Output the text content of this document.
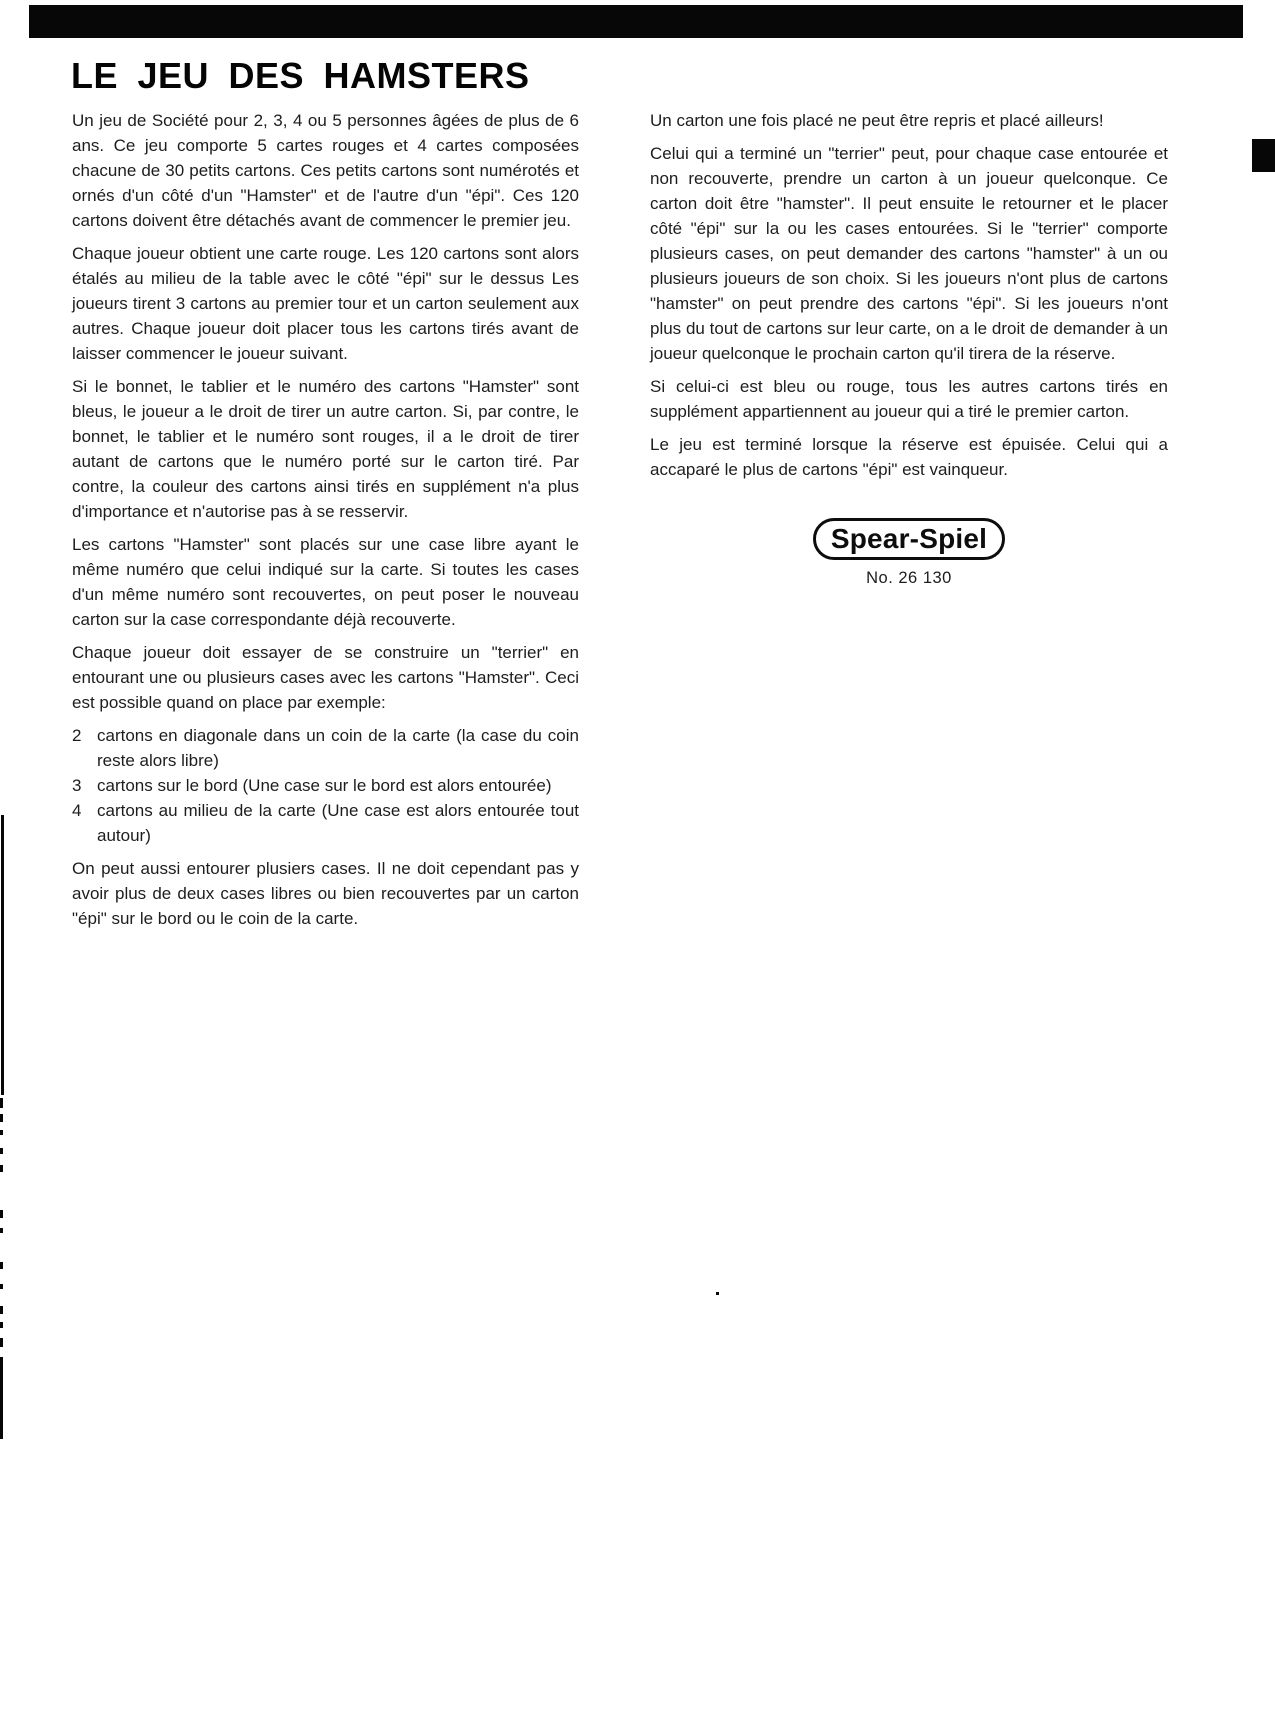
LE JEU DES HAMSTERS

Un jeu de Société pour 2, 3, 4 ou 5 personnes âgées de plus de 6 ans. Ce jeu comporte 5 cartes rouges et 4 cartes composées chacune de 30 petits cartons. Ces petits cartons sont numérotés et ornés d'un côté d'un "Hamster" et de l'autre d'un "épi". Ces 120 cartons doivent être détachés avant de commencer le premier jeu.

Chaque joueur obtient une carte rouge. Les 120 cartons sont alors étalés au milieu de la table avec le côté "épi" sur le dessus Les joueurs tirent 3 cartons au premier tour et un carton seulement aux autres. Chaque joueur doit placer tous les cartons tirés avant de laisser commencer le joueur suivant.

Si le bonnet, le tablier et le numéro des cartons "Hamster" sont bleus, le joueur a le droit de tirer un autre carton. Si, par contre, le bonnet, le tablier et le numéro sont rouges, il a le droit de tirer autant de cartons que le numéro porté sur le carton tiré. Par contre, la couleur des cartons ainsi tirés en supplément n'a plus d'importance et n'autorise pas à se resservir.

Les cartons "Hamster" sont placés sur une case libre ayant le même numéro que celui indiqué sur la carte. Si toutes les cases d'un même numéro sont recouvertes, on peut poser le nouveau carton sur la case correspondante déjà recouverte.

Chaque joueur doit essayer de se construire un "terrier" en entourant une ou plusieurs cases avec les cartons "Hamster". Ceci est possible quand on place par exemple:

2 cartons en diagonale dans un coin de la carte (la case du coin reste alors libre)
3 cartons sur le bord (Une case sur le bord est alors entourée)
4 cartons au milieu de la carte (Une case est alors entourée tout autour)

On peut aussi entourer plusiers cases. Il ne doit cependant pas y avoir plus de deux cases libres ou bien recouvertes par un carton "épi" sur le bord ou le coin de la carte.

Un carton une fois placé ne peut être repris et placé ailleurs!

Celui qui a terminé un "terrier" peut, pour chaque case entourée et non recouverte, prendre un carton à un joueur quelconque. Ce carton doit être "hamster". Il peut ensuite le retourner et le placer côté "épi" sur la ou les cases entourées. Si le "terrier" comporte plusieurs cases, on peut demander des cartons "hamster" à un ou plusieurs joueurs de son choix. Si les joueurs n'ont plus de cartons "hamster" on peut prendre des cartons "épi". Si les joueurs n'ont plus du tout de cartons sur leur carte, on a le droit de demander à un joueur quelconque le prochain carton qu'il tirera de la réserve.

Si celui-ci est bleu ou rouge, tous les autres cartons tirés en supplément appartiennent au joueur qui a tiré le premier carton.

Le jeu est terminé lorsque la réserve est épuisée. Celui qui a accaparé le plus de cartons "épi" est vainqueur.

Spear-Spiel
No. 26 130
